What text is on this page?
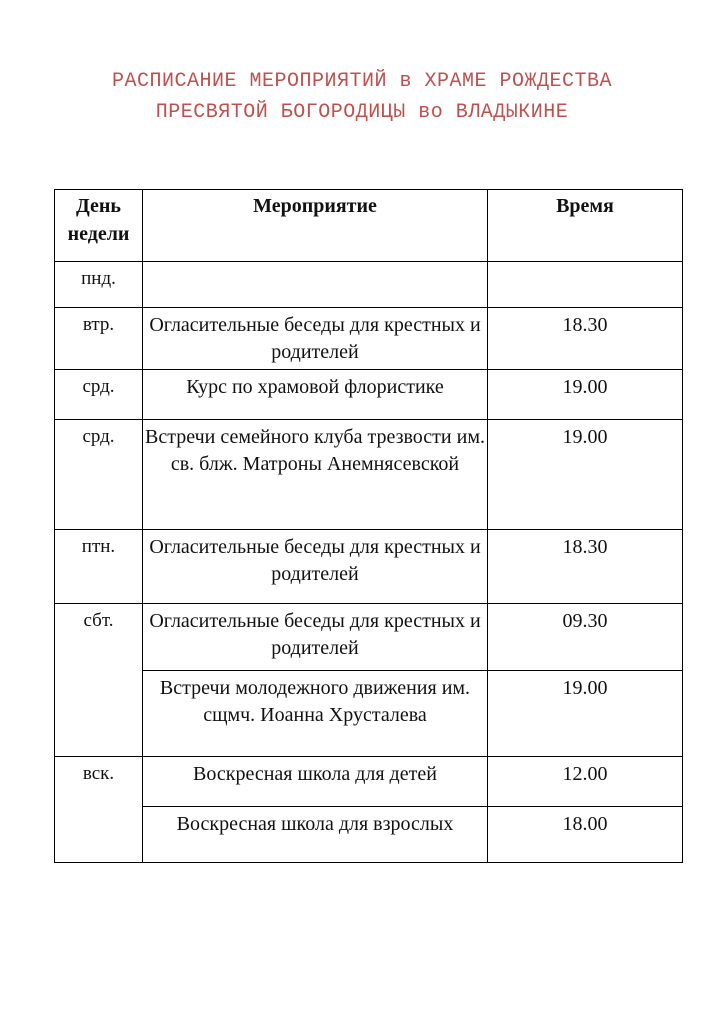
РАСПИСАНИЕ МЕРОПРИЯТИЙ в ХРАМЕ РОЖДЕСТВА
ПРЕСВЯТОЙ БОГОРОДИЦЫ во ВЛАДЫКИНЕ
День недели	Мероприятие	Время
пнд.		
втр.	Огласительные беседы для крестных и родителей	18.30
срд.	Курс по храмовой флористике	19.00
срд.	Встречи семейного клуба трезвости им. св. блж. Матроны Анемнясевской	19.00
птн.	Огласительные беседы для крестных и родителей	18.30
сбт.	Огласительные беседы для крестных и родителей	09.30
	Встречи молодежного движения им. сщмч. Иоанна Хрусталева	19.00
вск.	Воскресная школа для детей	12.00
	Воскресная школа для взрослых	18.00
